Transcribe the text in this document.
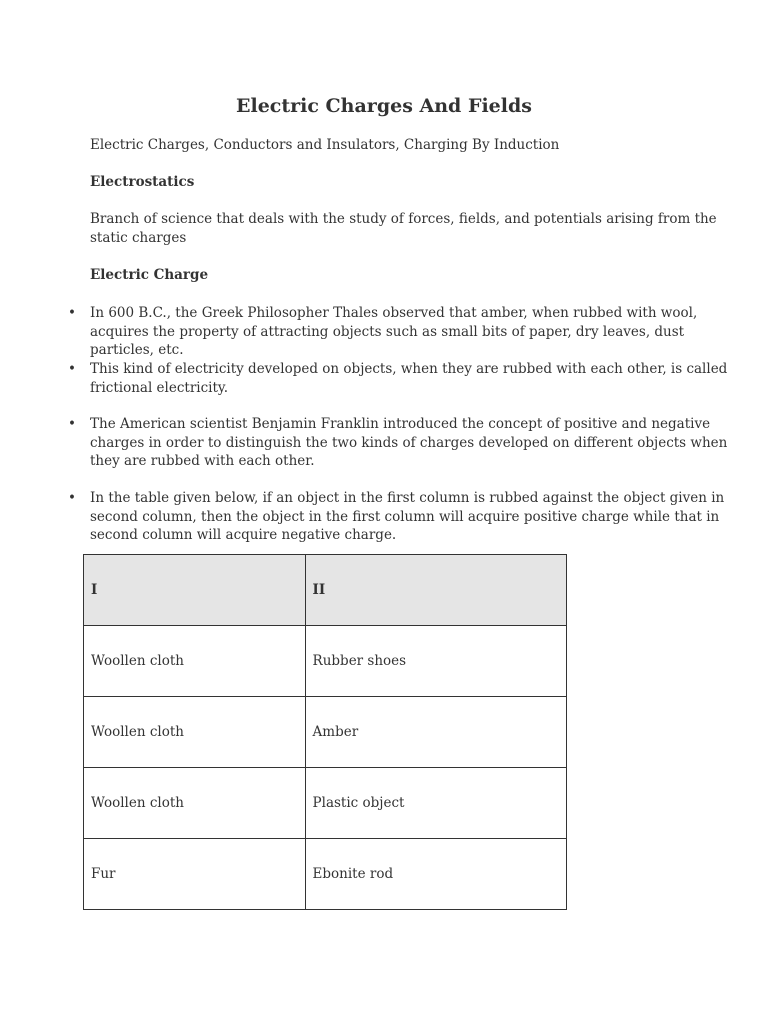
Electric Charges And Fields

Electric Charges, Conductors and Insulators, Charging By Induction

Electrostatics

Branch of science that deals with the study of forces, fields, and potentials arising from the static charges

Electric Charge

• In 600 B.C., the Greek Philosopher Thales observed that amber, when rubbed with wool, acquires the property of attracting objects such as small bits of paper, dry leaves, dust particles, etc.
• This kind of electricity developed on objects, when they are rubbed with each other, is called frictional electricity.
• The American scientist Benjamin Franklin introduced the concept of positive and negative charges in order to distinguish the two kinds of charges developed on different objects when they are rubbed with each other.
• In the table given below, if an object in the first column is rubbed against the object given in second column, then the object in the first column will acquire positive charge while that in second column will acquire negative charge.
I	II
Woollen cloth	Rubber shoes
Woollen cloth	Amber
Woollen cloth	Plastic object
Fur	Ebonite rod
